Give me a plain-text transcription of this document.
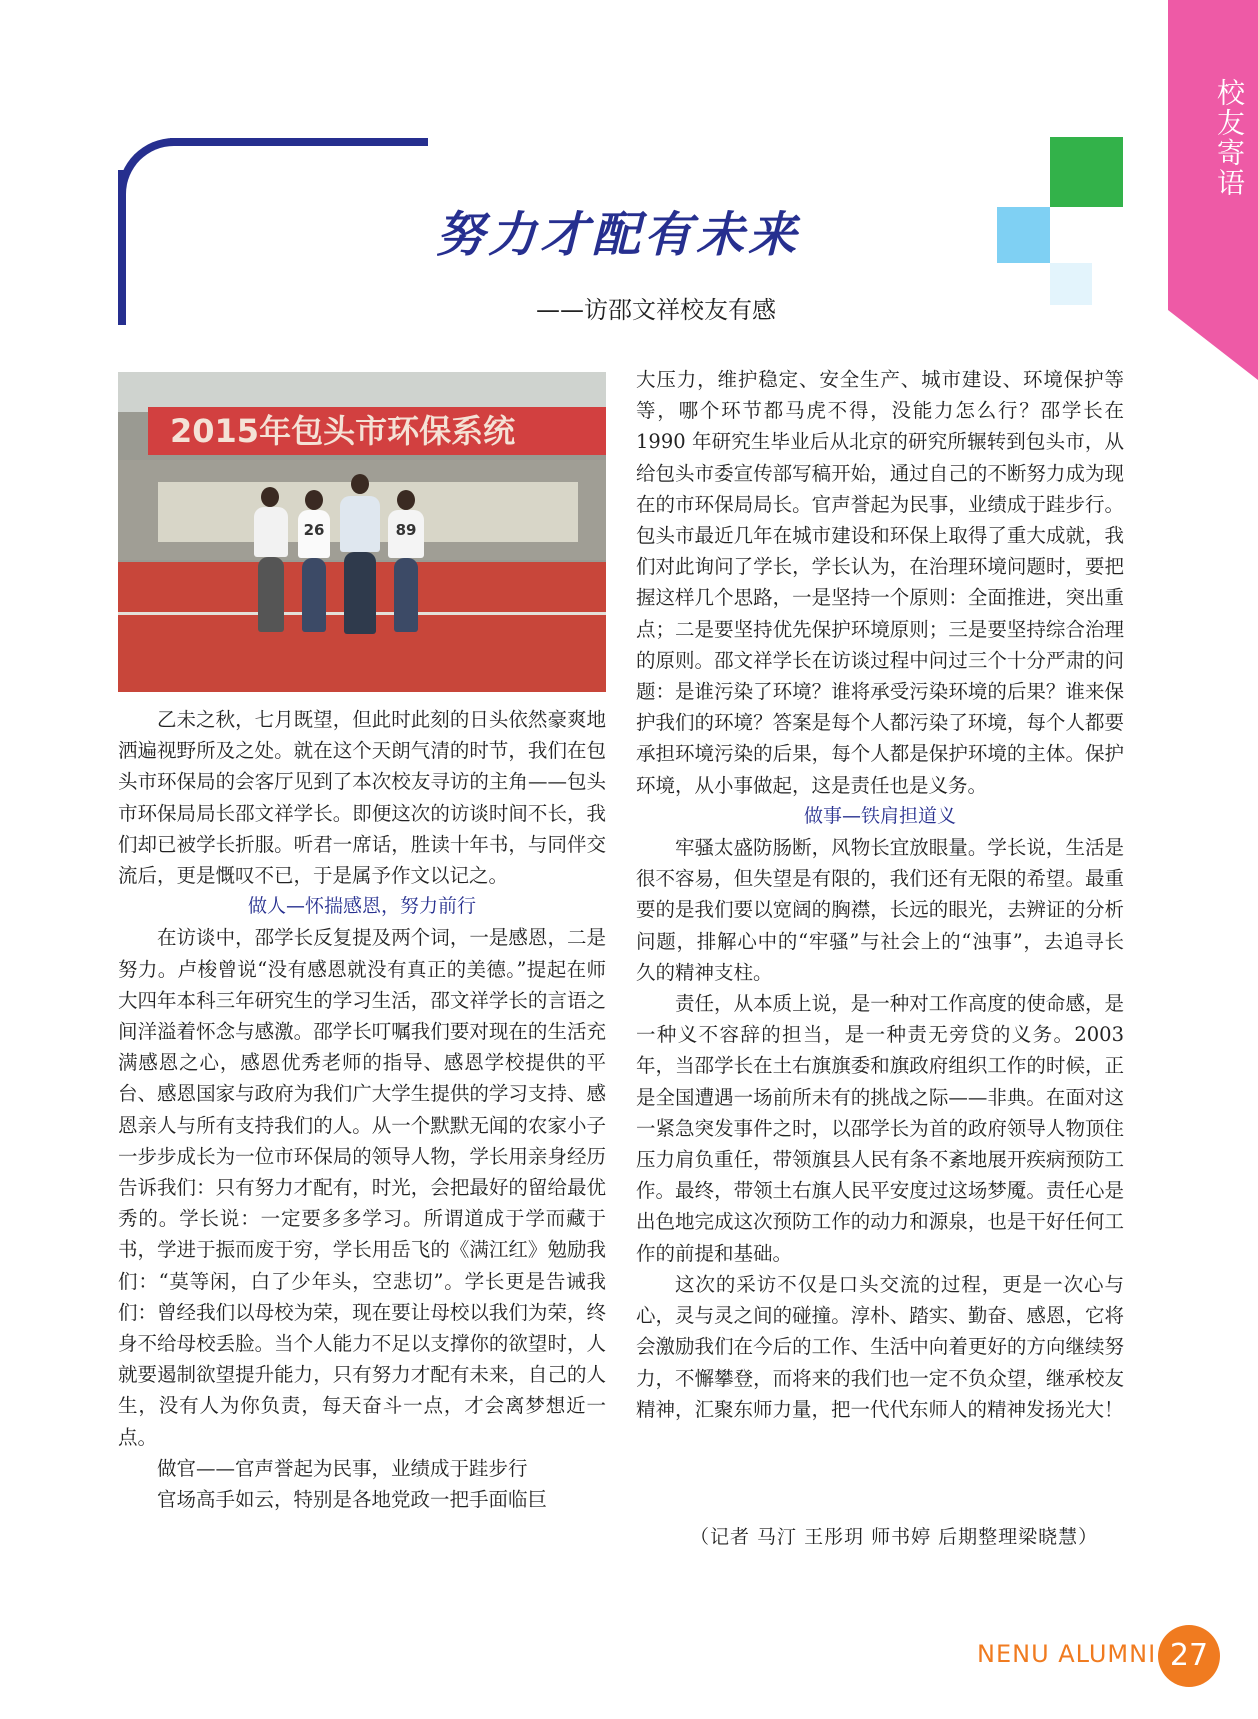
校友寄语
努力才配有未来
——访邵文祥校友有感
2015年包头市环保系统
26	89

乙未之秋，七月既望，但此时此刻的日头依然豪爽地洒遍视野所及之处。就在这个天朗气清的时节，我们在包头市环保局的会客厅见到了本次校友寻访的主角——包头市环保局局长邵文祥学长。即便这次的访谈时间不长，我们却已被学长折服。听君一席话，胜读十年书，与同伴交流后，更是慨叹不已，于是属予作文以记之。

做人—怀揣感恩，努力前行

在访谈中，邵学长反复提及两个词，一是感恩，二是努力。卢梭曾说“没有感恩就没有真正的美德。”提起在师大四年本科三年研究生的学习生活，邵文祥学长的言语之间洋溢着怀念与感激。邵学长叮嘱我们要对现在的生活充满感恩之心，感恩优秀老师的指导、感恩学校提供的平台、感恩国家与政府为我们广大学生提供的学习支持、感恩亲人与所有支持我们的人。从一个默默无闻的农家小子一步步成长为一位市环保局的领导人物，学长用亲身经历告诉我们：只有努力才配有，时光，会把最好的留给最优秀的。学长说：一定要多多学习。所谓道成于学而藏于书，学进于振而废于穷，学长用岳飞的《满江红》勉励我们：“莫等闲，白了少年头，空悲切”。学长更是告诫我们：曾经我们以母校为荣，现在要让母校以我们为荣，终身不给母校丢脸。当个人能力不足以支撑你的欲望时，人就要遏制欲望提升能力，只有努力才配有未来，自己的人生，没有人为你负责，每天奋斗一点，才会离梦想近一点。

做官——官声誉起为民事，业绩成于跬步行

官场高手如云，特别是各地党政一把手面临巨

大压力，维护稳定、安全生产、城市建设、环境保护等等，哪个环节都马虎不得，没能力怎么行？邵学长在 1990 年研究生毕业后从北京的研究所辗转到包头市，从给包头市委宣传部写稿开始，通过自己的不断努力成为现在的市环保局局长。官声誉起为民事，业绩成于跬步行。包头市最近几年在城市建设和环保上取得了重大成就，我们对此询问了学长，学长认为，在治理环境问题时，要把握这样几个思路，一是坚持一个原则：全面推进，突出重点；二是要坚持优先保护环境原则；三是要坚持综合治理的原则。邵文祥学长在访谈过程中问过三个十分严肃的问题：是谁污染了环境？谁将承受污染环境的后果？谁来保护我们的环境？答案是每个人都污染了环境，每个人都要承担环境污染的后果，每个人都是保护环境的主体。保护环境，从小事做起，这是责任也是义务。

做事—铁肩担道义

牢骚太盛防肠断，风物长宜放眼量。学长说，生活是很不容易，但失望是有限的，我们还有无限的希望。最重要的是我们要以宽阔的胸襟，长远的眼光，去辨证的分析问题，排解心中的“牢骚”与社会上的“浊事”，去追寻长久的精神支柱。

责任，从本质上说，是一种对工作高度的使命感，是一种义不容辞的担当，是一种责无旁贷的义务。2003 年，当邵学长在土右旗旗委和旗政府组织工作的时候，正是全国遭遇一场前所未有的挑战之际——非典。在面对这一紧急突发事件之时，以邵学长为首的政府领导人物顶住压力肩负重任，带领旗县人民有条不紊地展开疾病预防工作。最终，带领土右旗人民平安度过这场梦魇。责任心是出色地完成这次预防工作的动力和源泉，也是干好任何工作的前提和基础。

这次的采访不仅是口头交流的过程，更是一次心与心，灵与灵之间的碰撞。淳朴、踏实、勤奋、感恩，它将会激励我们在今后的工作、生活中向着更好的方向继续努力，不懈攀登，而将来的我们也一定不负众望，继承校友精神，汇聚东师力量，把一代代东师人的精神发扬光大！

（记者 马汀 王彤玥 师书婷 后期整理梁晓慧）
NENU ALUMNI 27
